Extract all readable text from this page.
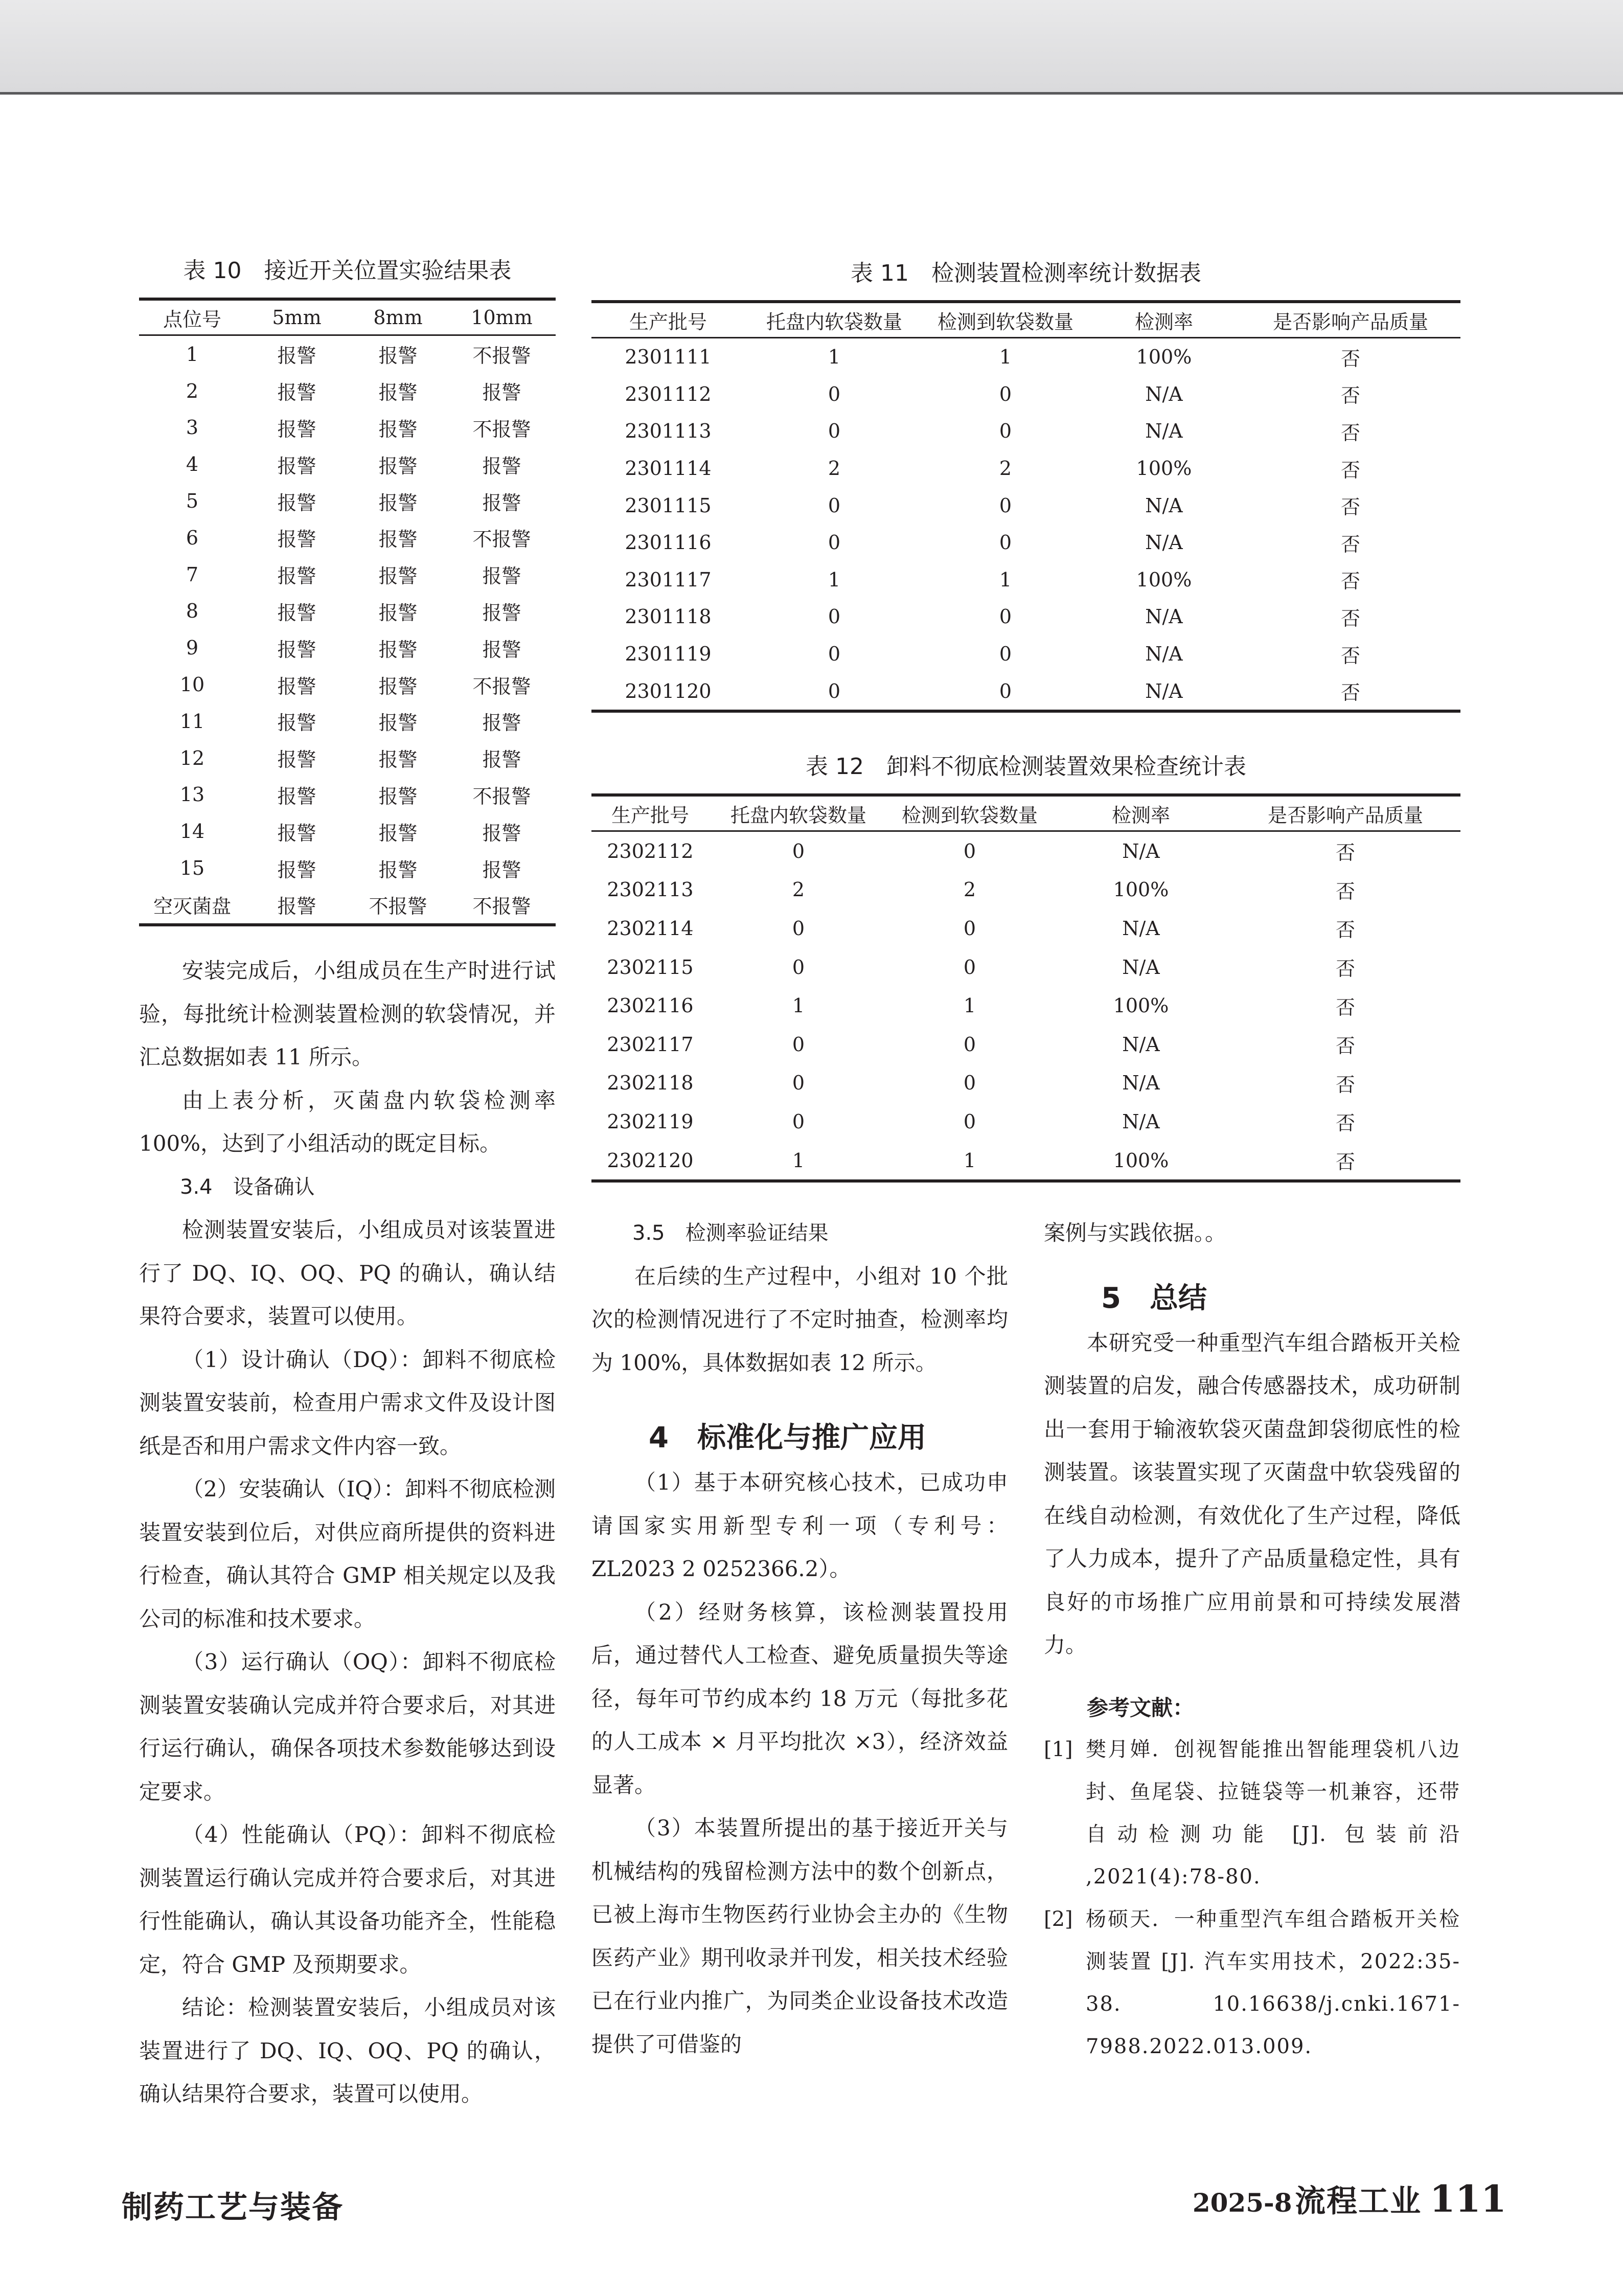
表 10　接近开关位置实验结果表
点位号	5mm	8mm	10mm
1	报警	报警	不报警
2	报警	报警	报警
3	报警	报警	不报警
4	报警	报警	报警
5	报警	报警	报警
6	报警	报警	不报警
7	报警	报警	报警
8	报警	报警	报警
9	报警	报警	报警
10	报警	报警	不报警
11	报警	报警	报警
12	报警	报警	报警
13	报警	报警	不报警
14	报警	报警	报警
15	报警	报警	报警
空灭菌盘	报警	不报警	不报警
表 11　检测装置检测率统计数据表
生产批号	托盘内软袋数量	检测到软袋数量	检测率	是否影响产品质量
2301111	1	1	100%	否
2301112	0	0	N/A	否
2301113	0	0	N/A	否
2301114	2	2	100%	否
2301115	0	0	N/A	否
2301116	0	0	N/A	否
2301117	1	1	100%	否
2301118	0	0	N/A	否
2301119	0	0	N/A	否
2301120	0	0	N/A	否
表 12　卸料不彻底检测装置效果检查统计表
生产批号	托盘内软袋数量	检测到软袋数量	检测率	是否影响产品质量
2302112	0	0	N/A	否
2302113	2	2	100%	否
2302114	0	0	N/A	否
2302115	0	0	N/A	否
2302116	1	1	100%	否
2302117	0	0	N/A	否
2302118	0	0	N/A	否
2302119	0	0	N/A	否
2302120	1	1	100%	否

安装完成后，小组成员在生产时进行试验，每批统计检测装置检测的软袋情况，并汇总数据如表 11 所示。

由上表分析，灭菌盘内软袋检测率 100%，达到了小组活动的既定目标。

3.4　设备确认

检测装置安装后，小组成员对该装置进行了 DQ、IQ、OQ、PQ 的确认，确认结果符合要求，装置可以使用。

（1）设计确认（DQ）：卸料不彻底检测装置安装前，检查用户需求文件及设计图纸是否和用户需求文件内容一致。

（2）安装确认（IQ）：卸料不彻底检测装置安装到位后，对供应商所提供的资料进行检查，确认其符合 GMP 相关规定以及我公司的标准和技术要求。

（3）运行确认（OQ）：卸料不彻底检测装置安装确认完成并符合要求后，对其进行运行确认，确保各项技术参数能够达到设定要求。

（4）性能确认（PQ）：卸料不彻底检测装置运行确认完成并符合要求后，对其进行性能确认，确认其设备功能齐全，性能稳定，符合 GMP 及预期要求。

结论：检测装置安装后，小组成员对该装置进行了 DQ、IQ、OQ、PQ 的确认，确认结果符合要求，装置可以使用。

3.5　检测率验证结果

在后续的生产过程中，小组对 10 个批次的检测情况进行了不定时抽查，检测率均为 100%，具体数据如表 12 所示。

4　标准化与推广应用

（1）基于本研究核心技术，已成功申请国家实用新型专利一项（专利号：ZL2023 2 0252366.2）。

（2）经财务核算，该检测装置投用后，通过替代人工检查、避免质量损失等途径，每年可节约成本约 18 万元（每批多花的人工成本 × 月平均批次 ×3），经济效益显著。

（3）本装置所提出的基于接近开关与机械结构的残留检测方法中的数个创新点，已被上海市生物医药行业协会主办的《生物医药产业》期刊收录并刊发，相关技术经验已在行业内推广，为同类企业设备技术改造提供了可借鉴的

案例与实践依据。。

5　总结

本研究受一种重型汽车组合踏板开关检测装置的启发，融合传感器技术，成功研制出一套用于输液软袋灭菌盘卸袋彻底性的检测装置。该装置实现了灭菌盘中软袋残留的在线自动检测，有效优化了生产过程，降低了人力成本，提升了产品质量稳定性，具有良好的市场推广应用前景和可持续发展潜力。

参考文献：

[1] 樊月婵．创视智能推出智能理袋机八边封、鱼尾袋、拉链袋等一机兼容，还带自动检测功能 [J]. 包装前沿 ,2021(4):78-80.
[2] 杨硕天．一种重型汽车组合踏板开关检测装置 [J]. 汽车实用技术，2022:35-38. 10.16638/j.cnki.1671-7988.2022.013.009.
制药工艺与装备	2025-8 流程工业 111
